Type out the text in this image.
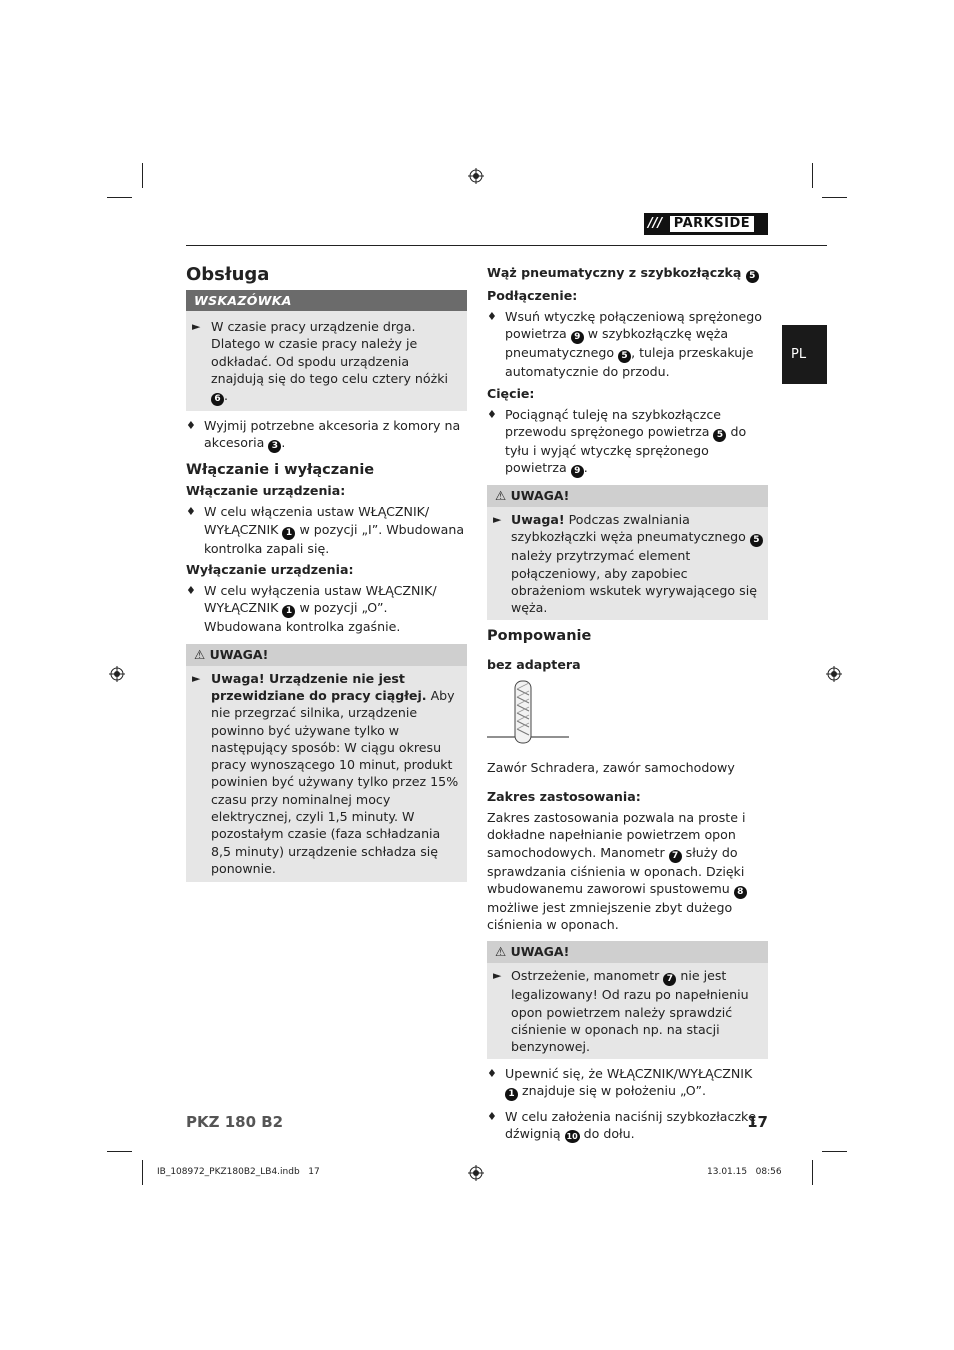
/// PARKSIDE
PL
Obsługa
WSKAZÓWKA
► W czasie pracy urządzenie drga. Dlatego w czasie pracy należy je odkładać. Od spodu urządzenia znajdują się do tego celu cztery nóżki 6 .
♦ Wyjmij potrzebne akcesoria z komory na akcesoria 3 .
Włączanie i wyłączanie
Włączanie urządzenia:
♦ W celu włączenia ustaw WŁĄCZNIK/ WYŁĄCZNIK 1 w pozycji „I”. Wbudowana kontrolka zapali się.
Wyłączanie urządzenia:
♦ W celu wyłączenia ustaw WŁĄCZNIK/ WYŁĄCZNIK 1 w pozycji „O”. Wbudowana kontrolka zgaśnie.
⚠ UWAGA!
► Uwaga! Urządzenie nie jest przewidziane do pracy ciągłej. Aby nie przegrzać silnika, urządzenie powinno być używane tylko w następujący sposób: W ciągu okresu pracy wynoszącego 10 minut, produkt powinien być używany tylko przez 15% czasu przy nominalnej mocy elektrycznej, czyli 1,5 minuty. W pozostałym czasie (faza schładzania 8,5 minuty) urządzenie schładza się ponownie.
Wąż pneumatyczny z szybkozłączką 5
Podłączenie:
♦ Wsuń wtyczkę połączeniową sprężonego powietrza 9 w szybkozłączkę węża pneumatycznego 5 , tuleja przeskakuje automatycznie do przodu.
Cięcie:
♦ Pociągnąć tuleję na szybkozłączce przewodu sprężonego powietrza 5 do tyłu i wyjąć wtyczkę sprężonego powietrza 9 .
⚠ UWAGA!
► Uwaga! Podczas zwalniania szybkozłączki węża pneumatycznego 5 należy przytrzymać element połączeniowy, aby zapobiec obrażeniom wskutek wyrywającego się węża.
Pompowanie
bez adaptera
Zawór Schradera, zawór samochodowy
Zakres zastosowania:
Zakres zastosowania pozwala na proste i dokładne napełnianie powietrzem opon samochodowych. Manometr 7 służy do sprawdzania ciśnienia w oponach. Dzięki wbudowanemu zaworowi spustowemu 8 możliwe jest zmniejszenie zbyt dużego ciśnienia w oponach.
⚠ UWAGA!
► Ostrzeżenie, manometr 7 nie jest legalizowany! Od razu po napełnieniu opon powietrzem należy sprawdzić ciśnienie w oponach np. na stacji benzynowej.
♦ Upewnić się, że WŁĄCZNIK/WYŁĄCZNIK 1 znajduje się w położeniu „O”.
♦ W celu założenia naciśnij szybkozłaczkę dźwignią 10 do dołu.
PKZ 180 B2	17
IB_108972_PKZ180B2_LB4.indb   17	13.01.15   08:56
